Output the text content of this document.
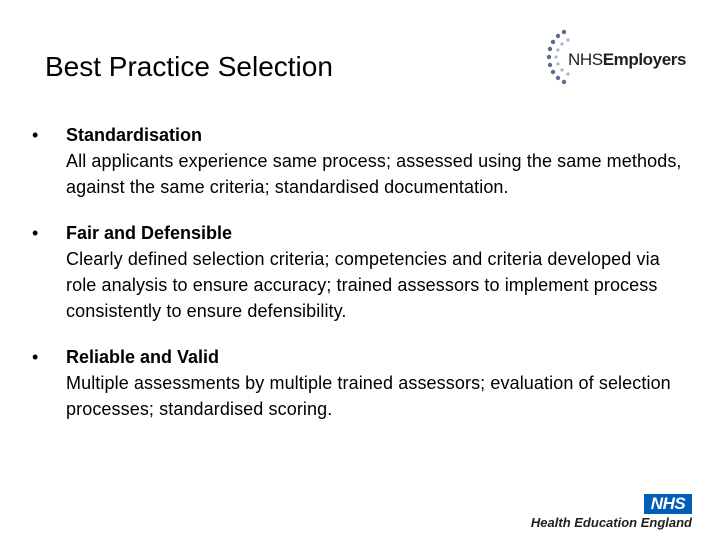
Best Practice Selection	NHSEmployers
• Standardisation
All applicants experience same process; assessed using the same methods, against the same criteria; standardised documentation.
• Fair and Defensible
Clearly defined selection criteria; competencies and criteria developed via role analysis to ensure accuracy; trained assessors to implement process consistently to ensure defensibility.
• Reliable and Valid
Multiple assessments by multiple trained assessors; evaluation of selection processes; standardised scoring.
NHS
Health Education England
